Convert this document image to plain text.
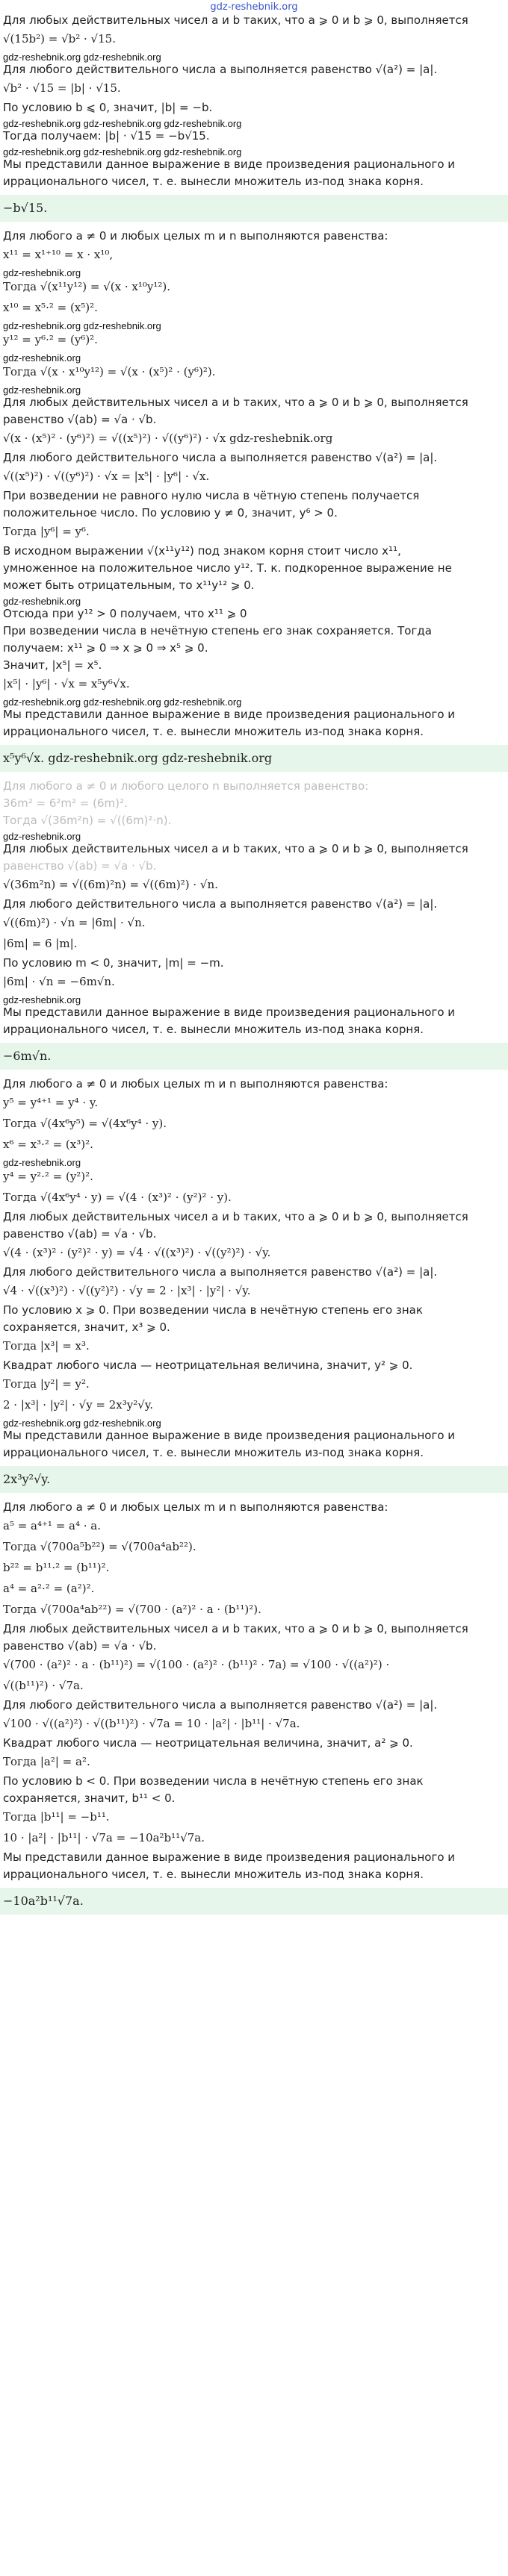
gdz-reshebnik.org
Для любых действительных чисел a и b таких, что a ⩾ 0 и b ⩾ 0, выполняется
√(15b²) = √b² · √15.
gdz-reshebnik.org gdz-reshebnik.org
Для любого действительного числа a выполняется равенство √(a²) = |a|.
√b² · √15 = |b| · √15.
По условию b ⩽ 0, значит, |b| = −b.
gdz-reshebnik.org gdz-reshebnik.org gdz-reshebnik.org
Тогда получаем: |b| · √15 = −b√15.
gdz-reshebnik.org gdz-reshebnik.org gdz-reshebnik.org
Мы представили данное выражение в виде произведения рационального и
иррационального чисел, т. е. вынесли множитель из-под знака корня.
−b√15.
Для любого a ≠ 0 и любых целых m и n выполняются равенства:
x¹¹ = x¹⁺¹⁰ = x · x¹⁰,
gdz-reshebnik.org
Тогда √(x¹¹y¹²) = √(x · x¹⁰y¹²).
x¹⁰ = x⁵·² = (x⁵)².
gdz-reshebnik.org gdz-reshebnik.org
y¹² = y⁶·² = (y⁶)².
gdz-reshebnik.org
Тогда √(x · x¹⁰y¹²) = √(x · (x⁵)² · (y⁶)²).
gdz-reshebnik.org
Для любых действительных чисел a и b таких, что a ⩾ 0 и b ⩾ 0, выполняется
равенство √(ab) = √a · √b.
√(x · (x⁵)² · (y⁶)²) = √((x⁵)²) · √((y⁶)²) · √x gdz-reshebnik.org
Для любого действительного числа a выполняется равенство √(a²) = |a|.
√((x⁵)²) · √((y⁶)²) · √x = |x⁵| · |y⁶| · √x.
При возведении не равного нулю числа в чётную степень получается
положительное число. По условию y ≠ 0, значит, y⁶ > 0.
Тогда |y⁶| = y⁶.
В исходном выражении √(x¹¹y¹²) под знаком корня стоит число x¹¹,
умноженное на положительное число y¹². Т. к. подкоренное выражение не
может быть отрицательным, то x¹¹y¹² ⩾ 0.
gdz-reshebnik.org
Отсюда при y¹² > 0 получаем, что x¹¹ ⩾ 0
При возведении числа в нечётную степень его знак сохраняется. Тогда
получаем: x¹¹ ⩾ 0 ⇒ x ⩾ 0 ⇒ x⁵ ⩾ 0.
Значит, |x⁵| = x⁵.
|x⁵| · |y⁶| · √x = x⁵y⁶√x.
gdz-reshebnik.org gdz-reshebnik.org gdz-reshebnik.org
Мы представили данное выражение в виде произведения рационального и
иррационального чисел, т. е. вынесли множитель из-под знака корня.
x⁵y⁶√x. gdz-reshebnik.org gdz-reshebnik.org
Для любого a ≠ 0 и любого целого n выполняется равенство:
36m² = 6²m² = (6m)².
Тогда √(36m²n) = √((6m)²·n).
gdz-reshebnik.org
Для любых действительных чисел a и b таких, что a ⩾ 0 и b ⩾ 0, выполняется
равенство √(ab) = √a · √b.
√(36m²n) = √((6m)²n) = √((6m)²) · √n.
Для любого действительного числа a выполняется равенство √(a²) = |a|.
√((6m)²) · √n = |6m| · √n.
|6m| = 6 |m|.
По условию m < 0, значит, |m| = −m.
|6m| · √n = −6m√n.
gdz-reshebnik.org
Мы представили данное выражение в виде произведения рационального и
иррационального чисел, т. е. вынесли множитель из-под знака корня.
−6m√n.
Для любого a ≠ 0 и любых целых m и n выполняются равенства:
y⁵ = y⁴⁺¹ = y⁴ · y.
Тогда √(4x⁶y⁵) = √(4x⁶y⁴ · y).
x⁶ = x³·² = (x³)².
gdz-reshebnik.org
y⁴ = y²·² = (y²)².
Тогда √(4x⁶y⁴ · y) = √(4 · (x³)² · (y²)² · y).
Для любых действительных чисел a и b таких, что a ⩾ 0 и b ⩾ 0, выполняется
равенство √(ab) = √a · √b.
√(4 · (x³)² · (y²)² · y) = √4 · √((x³)²) · √((y²)²) · √y.
Для любого действительного числа a выполняется равенство √(a²) = |a|.
√4 · √((x³)²) · √((y²)²) · √y = 2 · |x³| · |y²| · √y.
По условию x ⩾ 0. При возведении числа в нечётную степень его знак
сохраняется, значит, x³ ⩾ 0.
Тогда |x³| = x³.
Квадрат любого числа — неотрицательная величина, значит, y² ⩾ 0.
Тогда |y²| = y².
2 · |x³| · |y²| · √y = 2x³y²√y.
gdz-reshebnik.org gdz-reshebnik.org
Мы представили данное выражение в виде произведения рационального и
иррационального чисел, т. е. вынесли множитель из-под знака корня.
2x³y²√y.
Для любого a ≠ 0 и любых целых m и n выполняются равенства:
a⁵ = a⁴⁺¹ = a⁴ · a.
Тогда √(700a⁵b²²) = √(700a⁴ab²²).
b²² = b¹¹·² = (b¹¹)².
a⁴ = a²·² = (a²)².
Тогда √(700a⁴ab²²) = √(700 · (a²)² · a · (b¹¹)²).
Для любых действительных чисел a и b таких, что a ⩾ 0 и b ⩾ 0, выполняется
равенство √(ab) = √a · √b.
√(700 · (a²)² · a · (b¹¹)²) = √(100 · (a²)² · (b¹¹)² · 7a) = √100 · √((a²)²) ·
√((b¹¹)²) · √7a.
Для любого действительного числа a выполняется равенство √(a²) = |a|.
√100 · √((a²)²) · √((b¹¹)²) · √7a = 10 · |a²| · |b¹¹| · √7a.
Квадрат любого числа — неотрицательная величина, значит, a² ⩾ 0.
Тогда |a²| = a².
По условию b < 0. При возведении числа в нечётную степень его знак
сохраняется, значит, b¹¹ < 0.
Тогда |b¹¹| = −b¹¹.
10 · |a²| · |b¹¹| · √7a = −10a²b¹¹√7a.
Мы представили данное выражение в виде произведения рационального и
иррационального чисел, т. е. вынесли множитель из-под знака корня.
−10a²b¹¹√7a.
